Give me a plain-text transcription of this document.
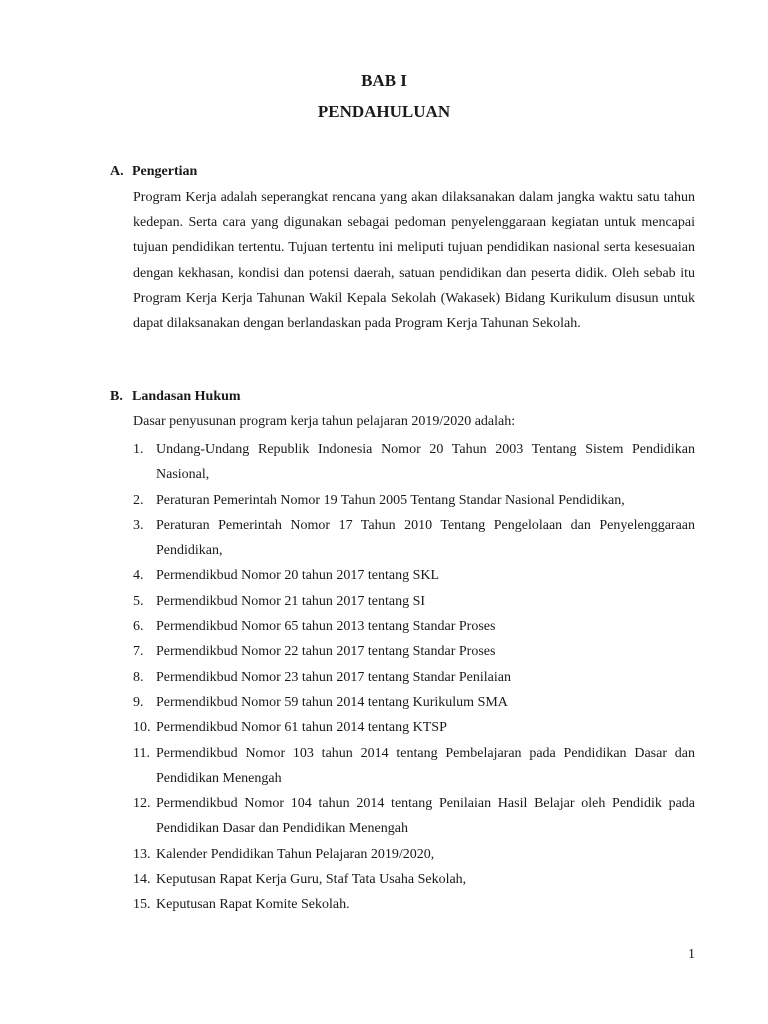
BAB I
PENDAHULUAN
A. Pengertian

Program Kerja adalah seperangkat rencana yang akan dilaksanakan dalam jangka waktu satu tahun kedepan. Serta cara yang digunakan sebagai pedoman penyelenggaraan kegiatan untuk mencapai tujuan pendidikan tertentu. Tujuan tertentu ini meliputi tujuan pendidikan nasional serta kesesuaian dengan kekhasan, kondisi dan potensi daerah, satuan pendidikan dan peserta didik. Oleh sebab itu Program Kerja Kerja Tahunan Wakil Kepala Sekolah (Wakasek) Bidang Kurikulum disusun untuk dapat dilaksanakan dengan berlandaskan pada Program Kerja Tahunan Sekolah.

B. Landasan Hukum

Dasar penyusunan program kerja tahun pelajaran 2019/2020 adalah:

1. Undang-Undang Republik Indonesia Nomor 20 Tahun 2003 Tentang Sistem Pendidikan Nasional,
2. Peraturan Pemerintah Nomor 19 Tahun 2005 Tentang Standar Nasional Pendidikan,
3. Peraturan Pemerintah Nomor 17 Tahun 2010 Tentang Pengelolaan dan Penyelenggaraan Pendidikan,
4. Permendikbud Nomor 20 tahun 2017 tentang SKL
5. Permendikbud Nomor 21 tahun 2017 tentang SI
6. Permendikbud Nomor 65 tahun 2013 tentang Standar Proses
7. Permendikbud Nomor 22 tahun 2017 tentang Standar Proses
8. Permendikbud Nomor 23 tahun 2017 tentang Standar Penilaian
9. Permendikbud Nomor 59 tahun 2014 tentang Kurikulum SMA
10. Permendikbud Nomor 61 tahun 2014 tentang KTSP
11. Permendikbud Nomor 103 tahun 2014 tentang Pembelajaran pada Pendidikan Dasar dan Pendidikan Menengah
12. Permendikbud Nomor 104 tahun 2014 tentang Penilaian Hasil Belajar oleh Pendidik pada Pendidikan Dasar dan Pendidikan Menengah
13. Kalender Pendidikan Tahun Pelajaran 2019/2020,
14. Keputusan Rapat Kerja Guru, Staf Tata Usaha Sekolah,
15. Keputusan Rapat Komite Sekolah.

1
